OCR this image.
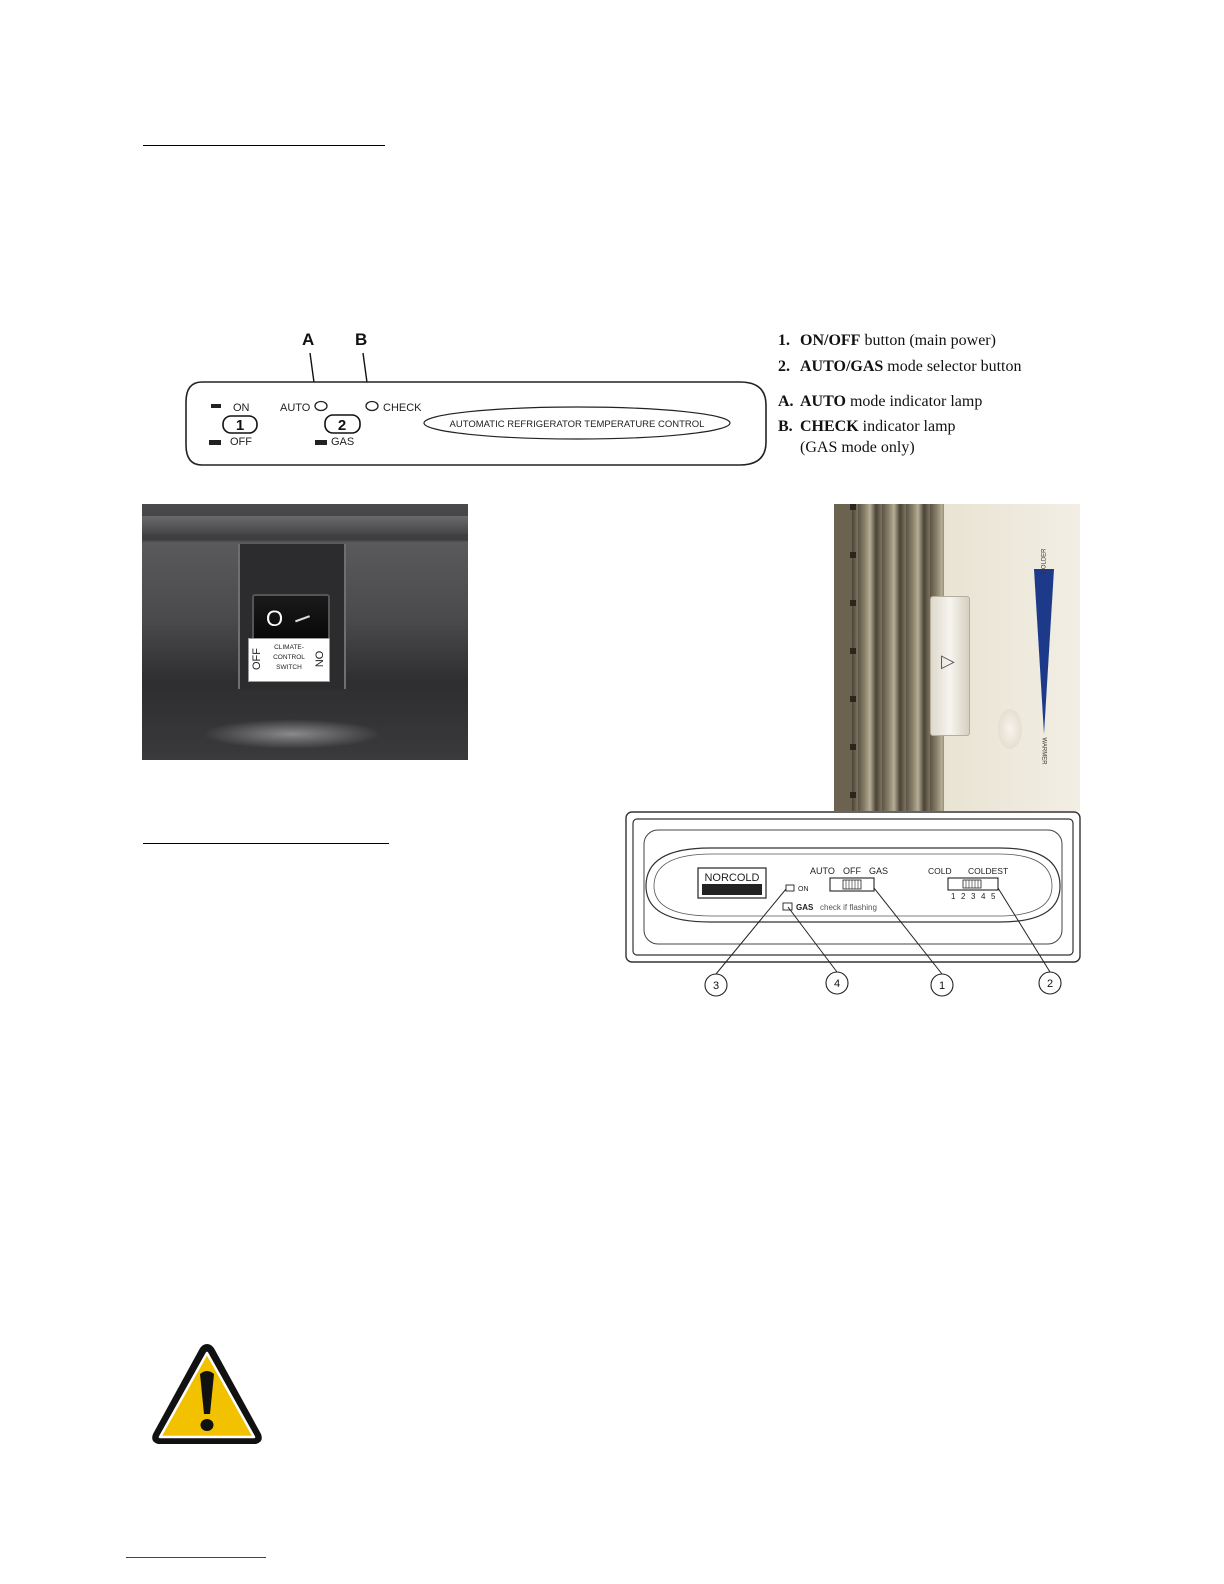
A B
ON
1
OFF
AUTO
2
GAS
CHECK
AUTOMATIC REFRIGERATOR TEMPERATURE CONTROL
1. ON/OFF button (main power)
2. AUTO/GAS mode selector button
A. AUTO mode indicator lamp
B. CHECK indicator lamp
(GAS mode only)
O I
OFF	ON
CLIMATE-
CONTROL
SWITCH	▷
COLDER
WARMER
NORCOLD
AUTO OFF GAS
ON
GAS check if flashing
COLD COLDEST
1 2 3 4 5
3	4	1	2
